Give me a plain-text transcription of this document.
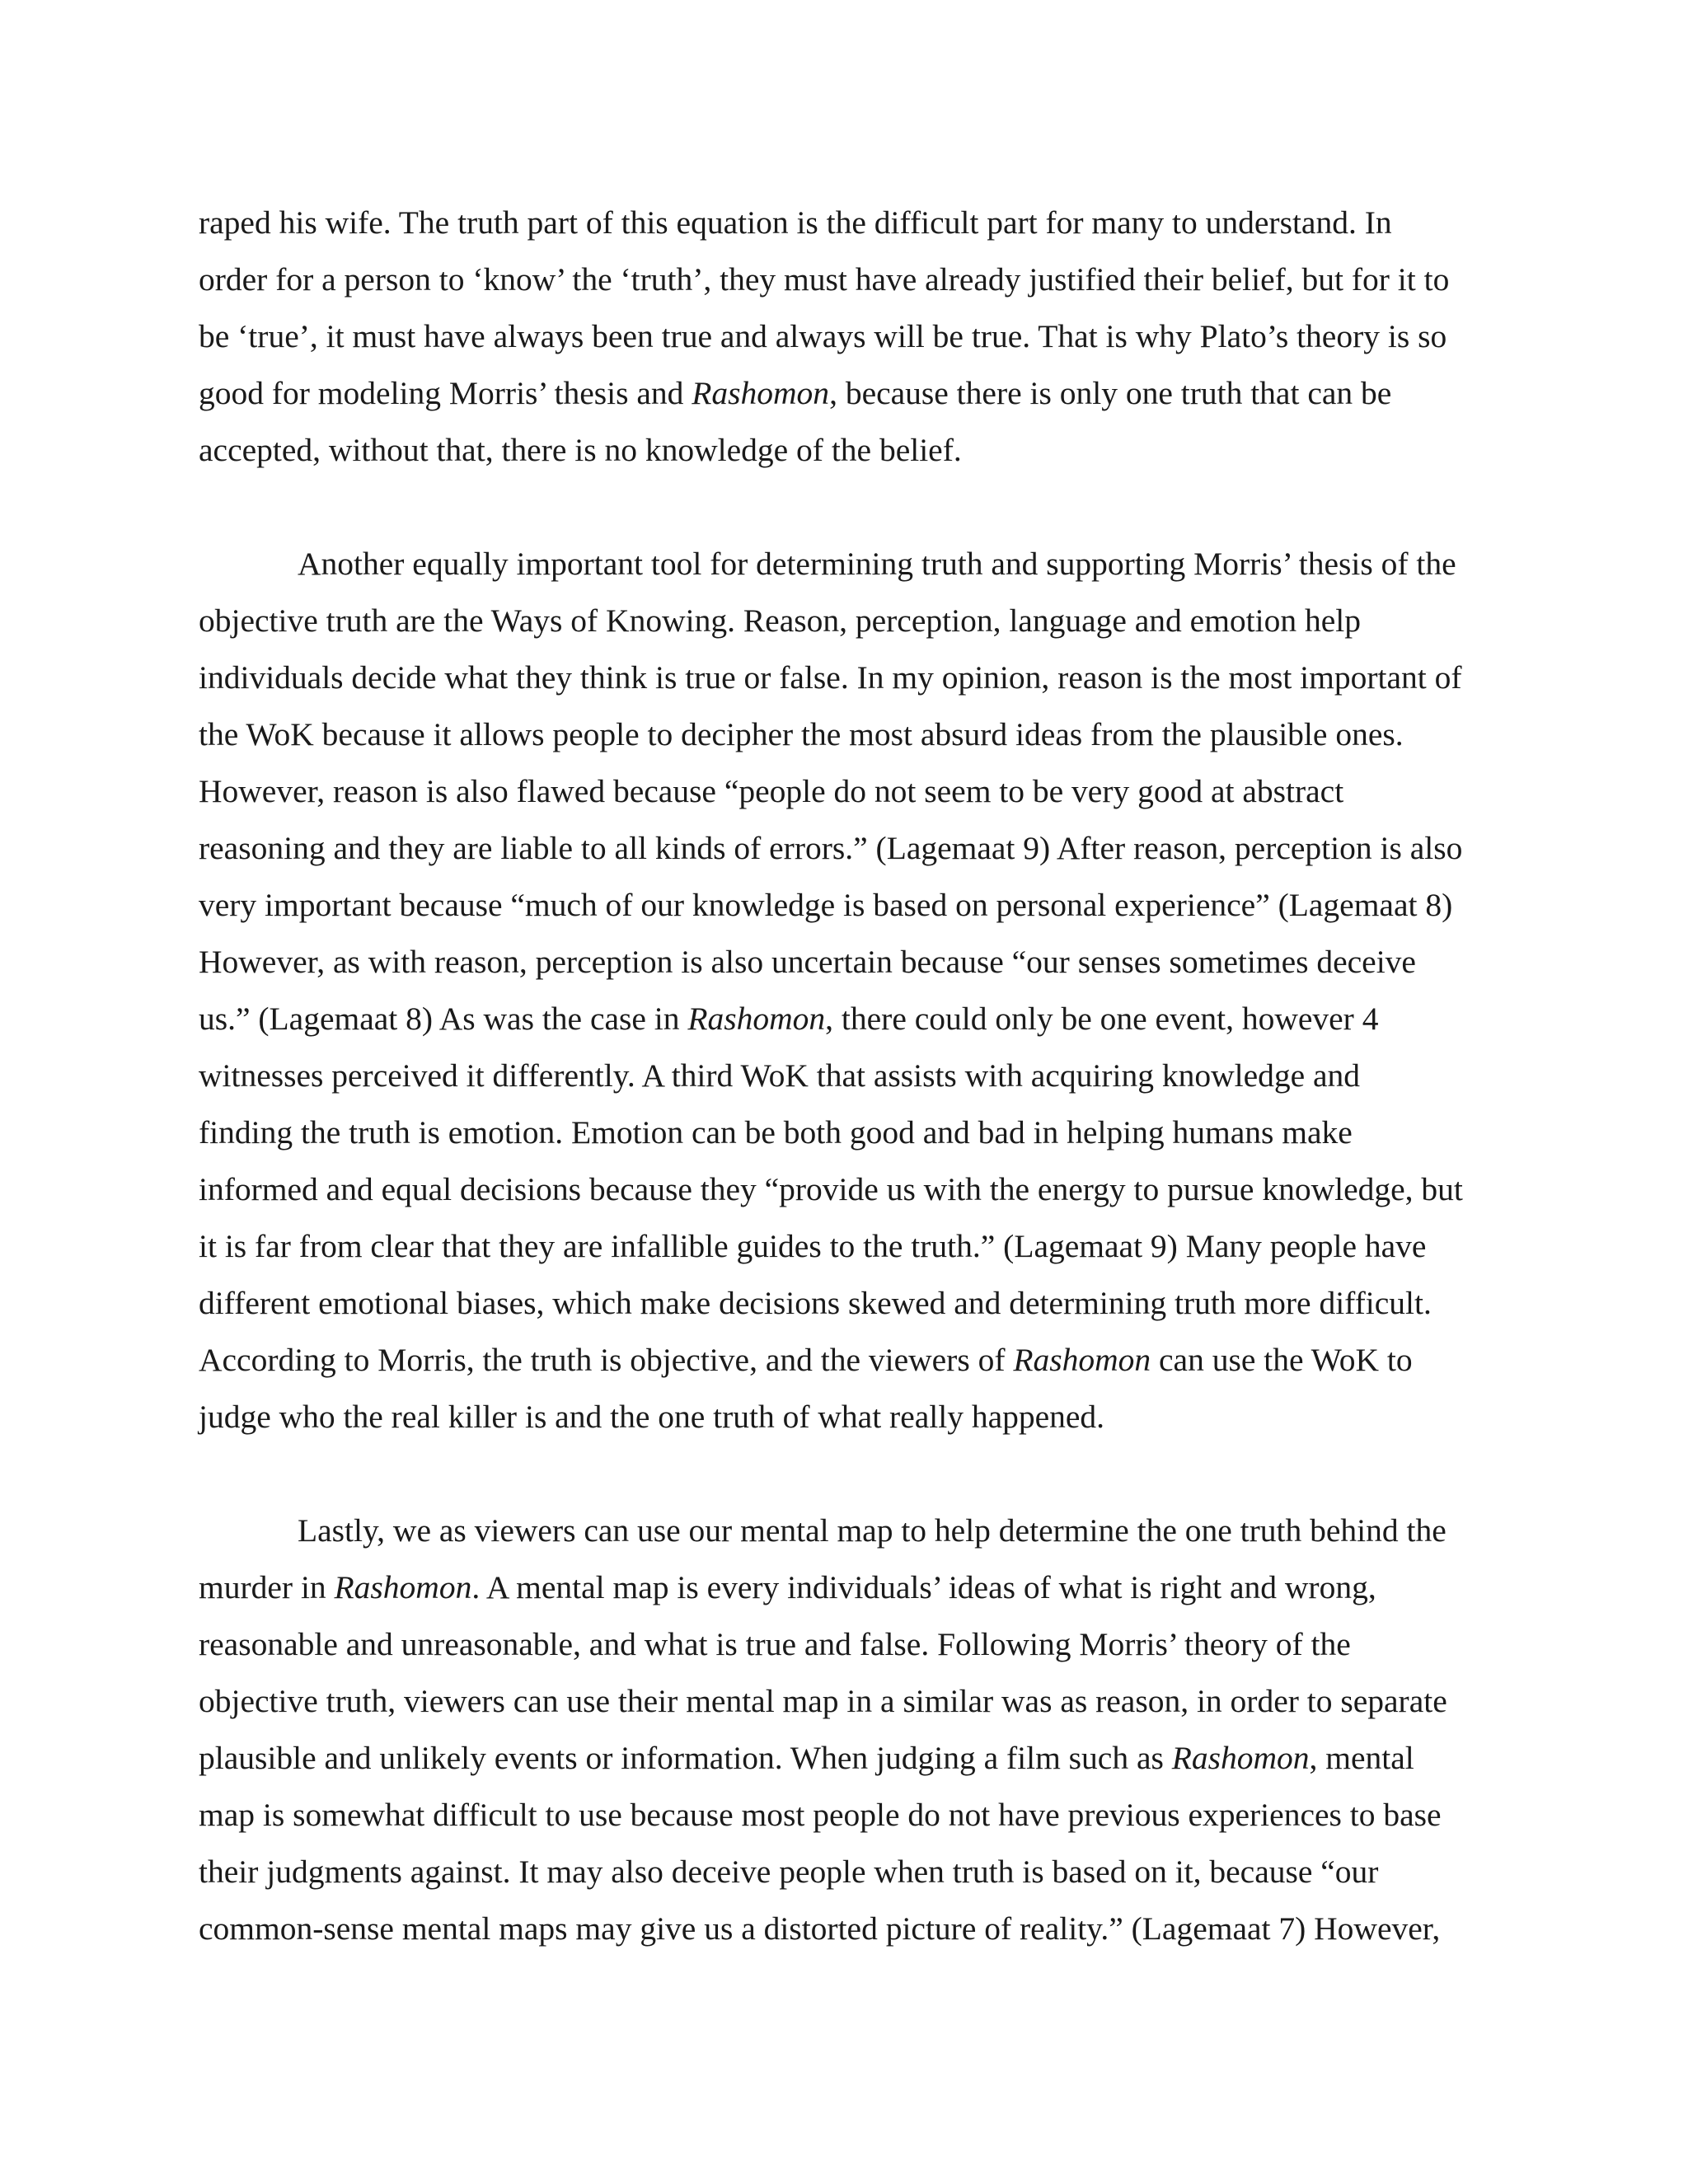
raped his wife. The truth part of this equation is the difficult part for many to understand. In
order for a person to ‘know’ the ‘truth’, they must have already justified their belief, but for it to
be ‘true’, it must have always been true and always will be true. That is why Plato’s theory is so
good for modeling Morris’ thesis and Rashomon, because there is only one truth that can be
accepted, without that, there is no knowledge of the belief.
Another equally important tool for determining truth and supporting Morris’ thesis of the
objective truth are the Ways of Knowing. Reason, perception, language and emotion help
individuals decide what they think is true or false. In my opinion, reason is the most important of
the WoK because it allows people to decipher the most absurd ideas from the plausible ones.
However, reason is also flawed because “people do not seem to be very good at abstract
reasoning and they are liable to all kinds of errors.” (Lagemaat 9) After reason, perception is also
very important because “much of our knowledge is based on personal experience” (Lagemaat 8)
However, as with reason, perception is also uncertain because “our senses sometimes deceive
us.” (Lagemaat 8) As was the case in Rashomon, there could only be one event, however 4
witnesses perceived it differently. A third WoK that assists with acquiring knowledge and
finding the truth is emotion. Emotion can be both good and bad in helping humans make
informed and equal decisions because they “provide us with the energy to pursue knowledge, but
it is far from clear that they are infallible guides to the truth.” (Lagemaat 9) Many people have
different emotional biases, which make decisions skewed and determining truth more difficult.
According to Morris, the truth is objective, and the viewers of Rashomon can use the WoK to
judge who the real killer is and the one truth of what really happened.
Lastly, we as viewers can use our mental map to help determine the one truth behind the
murder in Rashomon. A mental map is every individuals’ ideas of what is right and wrong,
reasonable and unreasonable, and what is true and false. Following Morris’ theory of the
objective truth, viewers can use their mental map in a similar was as reason, in order to separate
plausible and unlikely events or information. When judging a film such as Rashomon, mental
map is somewhat difficult to use because most people do not have previous experiences to base
their judgments against. It may also deceive people when truth is based on it, because “our
common-sense mental maps may give us a distorted picture of reality.” (Lagemaat 7) However,
